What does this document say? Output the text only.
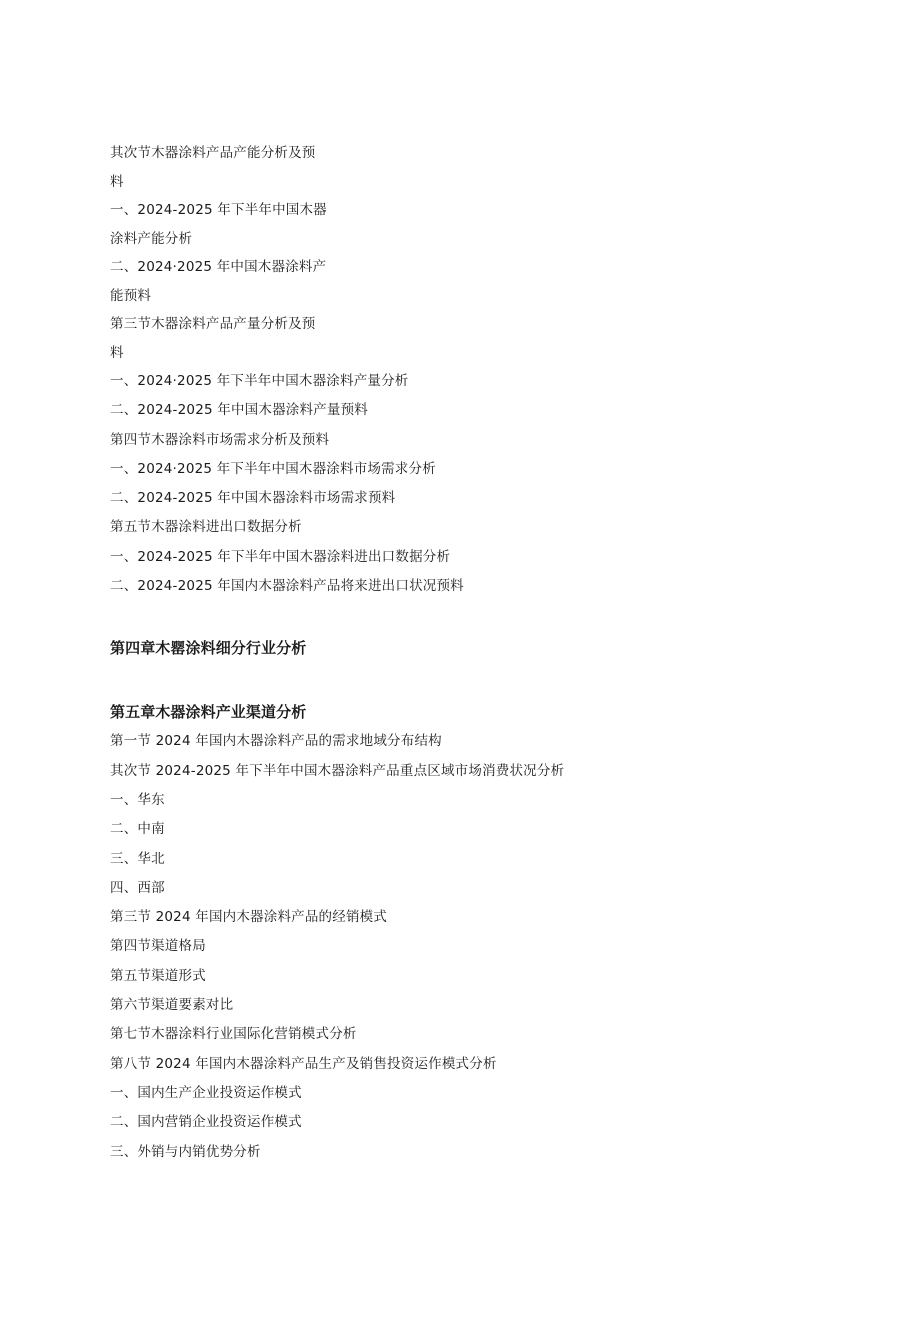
其次节木器涂料产品产能分析及预
料
一、2024-2025 年下半年中国木器
涂料产能分析
二、2024·2025 年中国木器涂料产
能预料
第三节木器涂料产品产量分析及预
料
一、2024·2025 年下半年中国木器涂料产量分析
二、2024-2025 年中国木器涂料产量预料
第四节木器涂料市场需求分析及预料
一、2024·2025 年下半年中国木器涂料市场需求分析
二、2024-2025 年中国木器涂料市场需求预料
第五节木器涂料进出口数据分析
一、2024-2025 年下半年中国木器涂料进出口数据分析
二、2024-2025 年国内木器涂料产品将来进出口状况预料
第四章木罂涂料细分行业分析
第五章木器涂料产业渠道分析
第一节 2024 年国内木器涂料产品的需求地域分布结构
其次节 2024-2025 年下半年中国木器涂料产品重点区域市场消费状况分析
一、华东
二、中南
三、华北
四、西部
第三节 2024 年国内木器涂料产品的经销模式
第四节渠道格局
第五节渠道形式
第六节渠道要素对比
第七节木器涂料行业国际化营销模式分析
第八节 2024 年国内木器涂料产品生产及销售投资运作模式分析
一、国内生产企业投资运作模式
二、国内营销企业投资运作模式
三、外销与内销优势分析
